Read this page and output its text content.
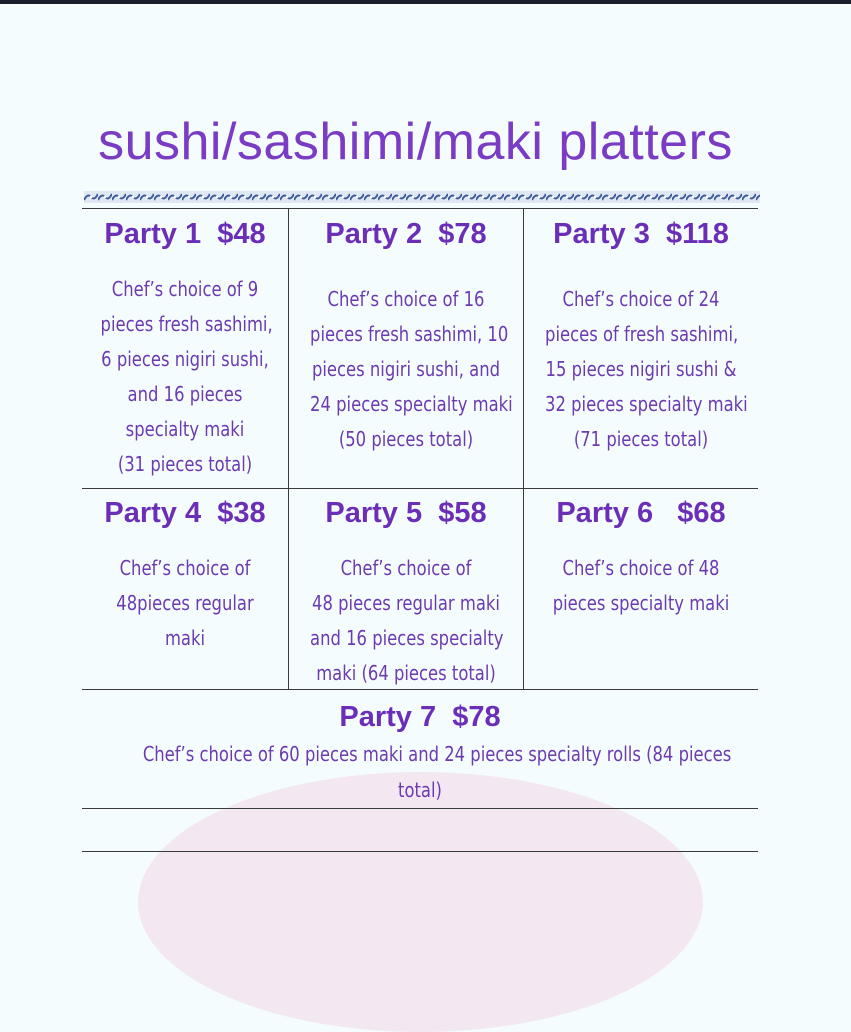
sushi/sashimi/maki platters
Party 1  $48
Chef’s choice of 9
pieces fresh sashimi,
6 pieces nigiri sushi,
and 16 pieces
specialty maki
(31 pieces total)
Party 2  $78
Chef’s choice of 16
pieces fresh sashimi, 10
pieces nigiri sushi, and
24 pieces specialty maki
(50 pieces total)
Party 3  $118
Chef’s choice of 24
pieces of fresh sashimi,
15 pieces nigiri sushi &
32 pieces specialty maki
(71 pieces total)
Party 4  $38
Chef’s choice of
48pieces regular
maki
Party 5  $58
Chef’s choice of
48 pieces regular maki
and 16 pieces specialty
maki (64 pieces total)
Party 6   $68
Chef’s choice of 48
pieces specialty maki
Party 7  $78
Chef’s choice of 60 pieces maki and 24 pieces specialty rolls (84 pieces
total)
